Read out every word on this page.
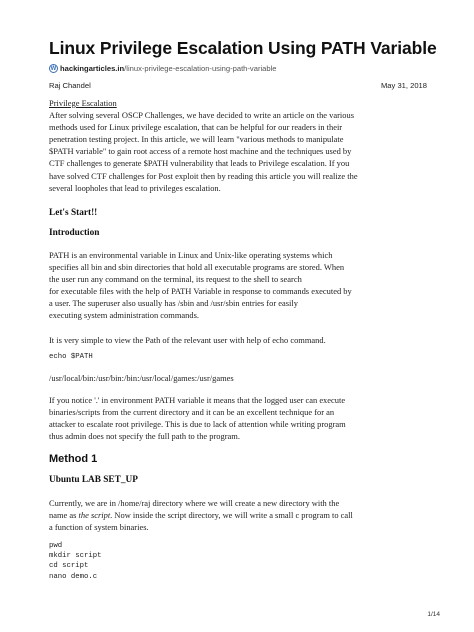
Linux Privilege Escalation Using PATH Variable
W hackingarticles.in /linux-privilege-escalation-using-path-variable
Raj Chandel	May 31, 2018
Privilege Escalation
After solving several OSCP Challenges, we have decided to write an article on the various
methods used for Linux privilege escalation, that can be helpful for our readers in their
penetration testing project. In this article, we will learn "various methods to manipulate
$PATH variable" to gain root access of a remote host machine and the techniques used by
CTF challenges to generate $PATH vulnerability that leads to Privilege escalation. If you
have solved CTF challenges for Post exploit then by reading this article you will realize the
several loopholes that lead to privileges escalation.
Let's Start!!
Introduction
PATH is an environmental variable in Linux and Unix-like operating systems which
specifies all bin and sbin directories that hold all executable programs are stored. When
the user run any command on the terminal, its request to the shell to search
for executable files with the help of PATH Variable in response to commands executed by
a user. The superuser also usually has /sbin and /usr/sbin entries for easily
executing system administration commands.
It is very simple to view the Path of the relevant user with help of echo command.
echo $PATH
/usr/local/bin:/usr/bin:/bin:/usr/local/games:/usr/games
If you notice '.' in environment PATH variable it means that the logged user can execute
binaries/scripts from the current directory and it can be an excellent technique for an
attacker to escalate root privilege. This is due to lack of attention while writing program
thus admin does not specify the full path to the program.
Method 1
Ubuntu LAB SET_UP
Currently, we are in /home/raj directory where we will create a new directory with the
name as the script. Now inside the script directory, we will write a small c program to call
a function of system binaries.
pwd
mkdir script
cd script
nano demo.c
1/14
